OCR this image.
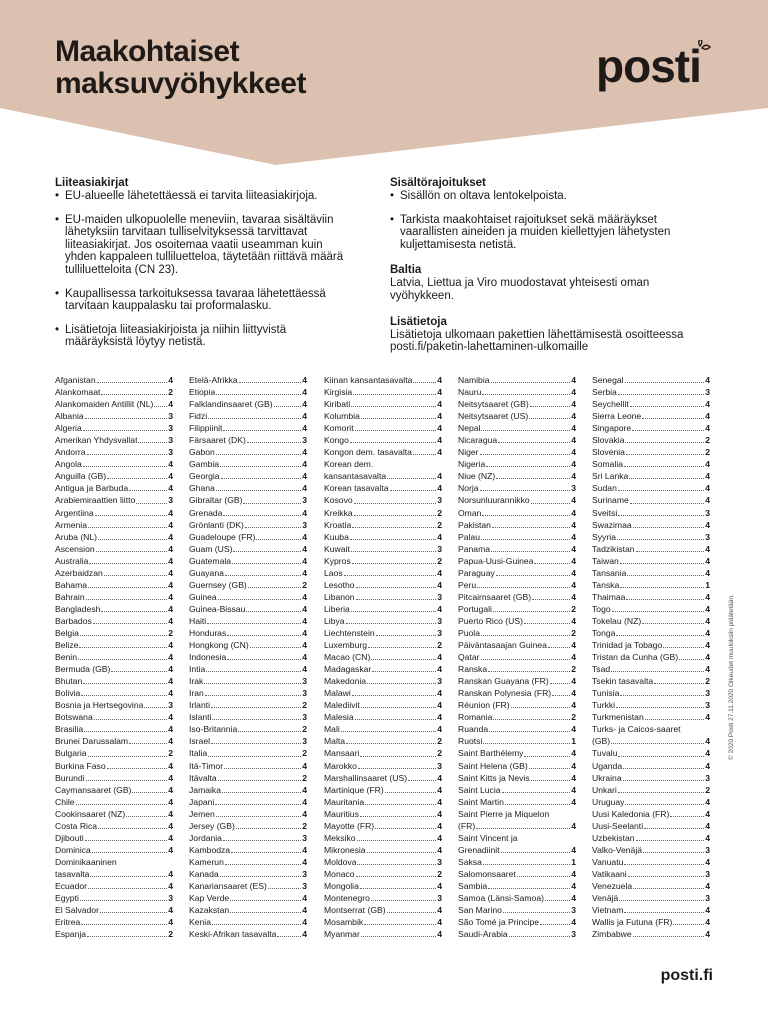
Maakohtaiset
maksuvyöhykkeet	posti
Liiteasiakirjat
• EU-alueelle lähetettäessä ei tarvita liiteasiakirjoja.
• EU-maiden ulkopuolelle meneviin, tavaraa sisältäviin lähetyksiin tarvitaan tulliselvityksessä tarvittavat liiteasiakirjat. Jos osoitemaa vaatii useamman kuin yhden kappaleen tulliluetteloa, täytetään riittävä määrä tulliluetteloita (CN 23).
• Kaupallisessa tarkoituksessa tavaraa lähetettäessä tarvitaan kauppalasku tai proformalasku.
• Lisätietoja liiteasiakirjoista ja niihin liittyvistä määräyksistä löytyy netistä.
Sisältörajoitukset
• Sisällön on oltava lentokelpoista.
• Tarkista maakohtaiset rajoitukset sekä määräykset vaarallisten aineiden ja muiden kiellettyjen lähetysten kuljettamisesta netistä.
Baltia

Latvia, Liettua ja Viro muodostavat yhteisesti oman vyöhykkeen.

Lisätietoja

Lisätietoja ulkomaan pakettien lähettämisestä osoitteessa posti.fi/paketin-lahettaminen-ulkomaille

Afganistan	4
Alankomaat	2
Alankomaiden Antillit (NL) 4
Albania	3
Algeria	3
Amerikan Yhdysvallat	3
Andorra	3
Angola	4
Anguilla (GB)	4
Antigua ja Barbuda	4
Arabiemiraattien liitto	3
Argentiina	4
Armenia	4
Aruba (NL)	4
Ascension	4
Australia	4
Azerbaidzan	4
Bahama	4
Bahrain	4
Bangladesh	4
Barbados	4
Belgia	2
Belize	4
Benin	4
Bermuda (GB)	4
Bhutan	4
Bolivia	4
Bosnia ja Hertsegovina	3
Botswana	4
Brasilia	4
Brunei Darussalam	4
Bulgaria	2
Burkina Faso	4
Burundi	4
Caymansaaret (GB)	4
Chile	4
Cookinsaaret (NZ)	4
Costa Rica	4
Djibouti	4
Dominica	4
Dominikaaninen
tasavalta	4
Ecuador	4
Egypti	3
El Salvador	4
Eritrea	4
Espanja	2
Etelä-Afrikka	4
Etiopia	4
Falklandinsaaret (GB)	4
Fidzi	4
Filippiinit	4
Färsaaret (DK)	3
Gabon	4
Gambia	4
Georgia	4
Ghana	4
Gibraltar (GB)	3
Grenada	4
Grönlanti (DK)	3
Guadeloupe (FR)	4
Guam (US)	4
Guatemala	4
Guayana	4
Guernsey (GB)	2
Guinea	4
Guinea-Bissau	4
Haiti	4
Honduras	4
Hongkong (CN)	4
Indonesia	4
Intia	4
Irak	3
Iran	3
Irlanti	2
Islanti	3
Iso-Britannia	2
Israel	3
Italia	2
Itä-Timor	4
Itävalta	2
Jamaika	4
Japani	4
Jemen	4
Jersey (GB)	2
Jordania	3
Kambodza	4
Kamerun	4
Kanada	3
Kanariansaaret (ES)	3
Kap Verde	4
Kazakstan	4
Kenia	4
Keski-Afrikan tasavalta	4
Kiinan kansantasavalta	4
Kirgisia	4
Kiribati	4
Kolumbia	4
Komorit	4
Kongo	4
Kongon dem. tasavalta	4
Korean dem.
kansantasavalta	4
Korean tasavalta	4
Kosovo	3
Kreikka	2
Kroatia	2
Kuuba	4
Kuwait	3
Kypros	2
Laos	4
Lesotho	4
Libanon	3
Liberia	4
Libya	3
Liechtenstein	3
Luxemburg	2
Macao (CN)	4
Madagaskar	4
Makedonia	3
Malawi	4
Malediivit	4
Malesia	4
Mali	4
Malta	2
Mansaari	2
Marokko	3
Marshallinsaaret (US)	4
Martinique (FR)	4
Mauritania	4
Mauritius	4
Mayotte (FR)	4
Meksiko	4
Mikronesia	4
Moldova	3
Monaco	2
Mongolia	4
Montenegro	3
Montserrat (GB)	4
Mosambik	4
Myanmar	4
Namibia	4
Nauru	4
Neitsytsaaret (GB)	4
Neitsytsaaret (US)	4
Nepal	4
Nicaragua	4
Niger	4
Nigeria	4
Niue (NZ)	4
Norja	3
Norsunluurannikko	4
Oman	4
Pakistan	4
Palau	4
Panama	4
Papua-Uusi-Guinea	4
Paraguay	4
Peru	4
Pitcairnsaaret (GB)	4
Portugali	2
Puerto Rico (US)	4
Puola	2
Päiväntasaajan Guinea	4
Qatar	4
Ranska	2
Ranskan Guayana (FR)	4
Ranskan Polynesia (FR) 4
Réunion (FR)	4
Romania	2
Ruanda	4
Ruotsi	1
Saint Barthélemy	4
Saint Helena (GB)	4
Saint Kitts ja Nevis	4
Saint Lucia	4
Saint Martin	4
Saint Pierre ja Miquelon
(FR)	4
Saint Vincent ja
Grenadiinit	4
Saksa	1
Salomonsaaret	4
Sambia	4
Samoa (Länsi-Samoa)	4
San Marino	3
São Tomé ja Principe	4
Saudi-Arabia	3
Senegal	4
Serbia	3
Seychellit	4
Sierra Leone	4
Singapore	4
Slovakia	2
Slovenia	2
Somalia	4
Sri Lanka	4
Sudan	4
Suriname	4
Sveitsi	3
Swazimaa	4
Syyria	3
Tadzikistan	4
Taiwan	4
Tansania	4
Tanska	1
Thaimaa	4
Togo	4
Tokelau (NZ)	4
Tonga	4
Trinidad ja Tobago	4
Tristan da Cunha (GB)	4
Tsad	4
Tsekin tasavalta	2
Tunisia	3
Turkki	3
Turkmenistan	4
Turks- ja Caicos-saaret
(GB)	4
Tuvalu	4
Uganda	4
Ukraina	3
Unkari	2
Uruguay	4
Uusi Kaledonia (FR)	4
Uusi-Seelanti	4
Uzbekistan	4
Valko-Venäjä	3
Vanuatu	4
Vatikaani	3
Venezuela	4
Venäjä	3
Vietnam	4
Wallis ja Futuna (FR)	4
Zimbabwe	4
© 2020 Posti 27.11.2020 Oikeudet muutoksiin pidätetään.
posti.fi
